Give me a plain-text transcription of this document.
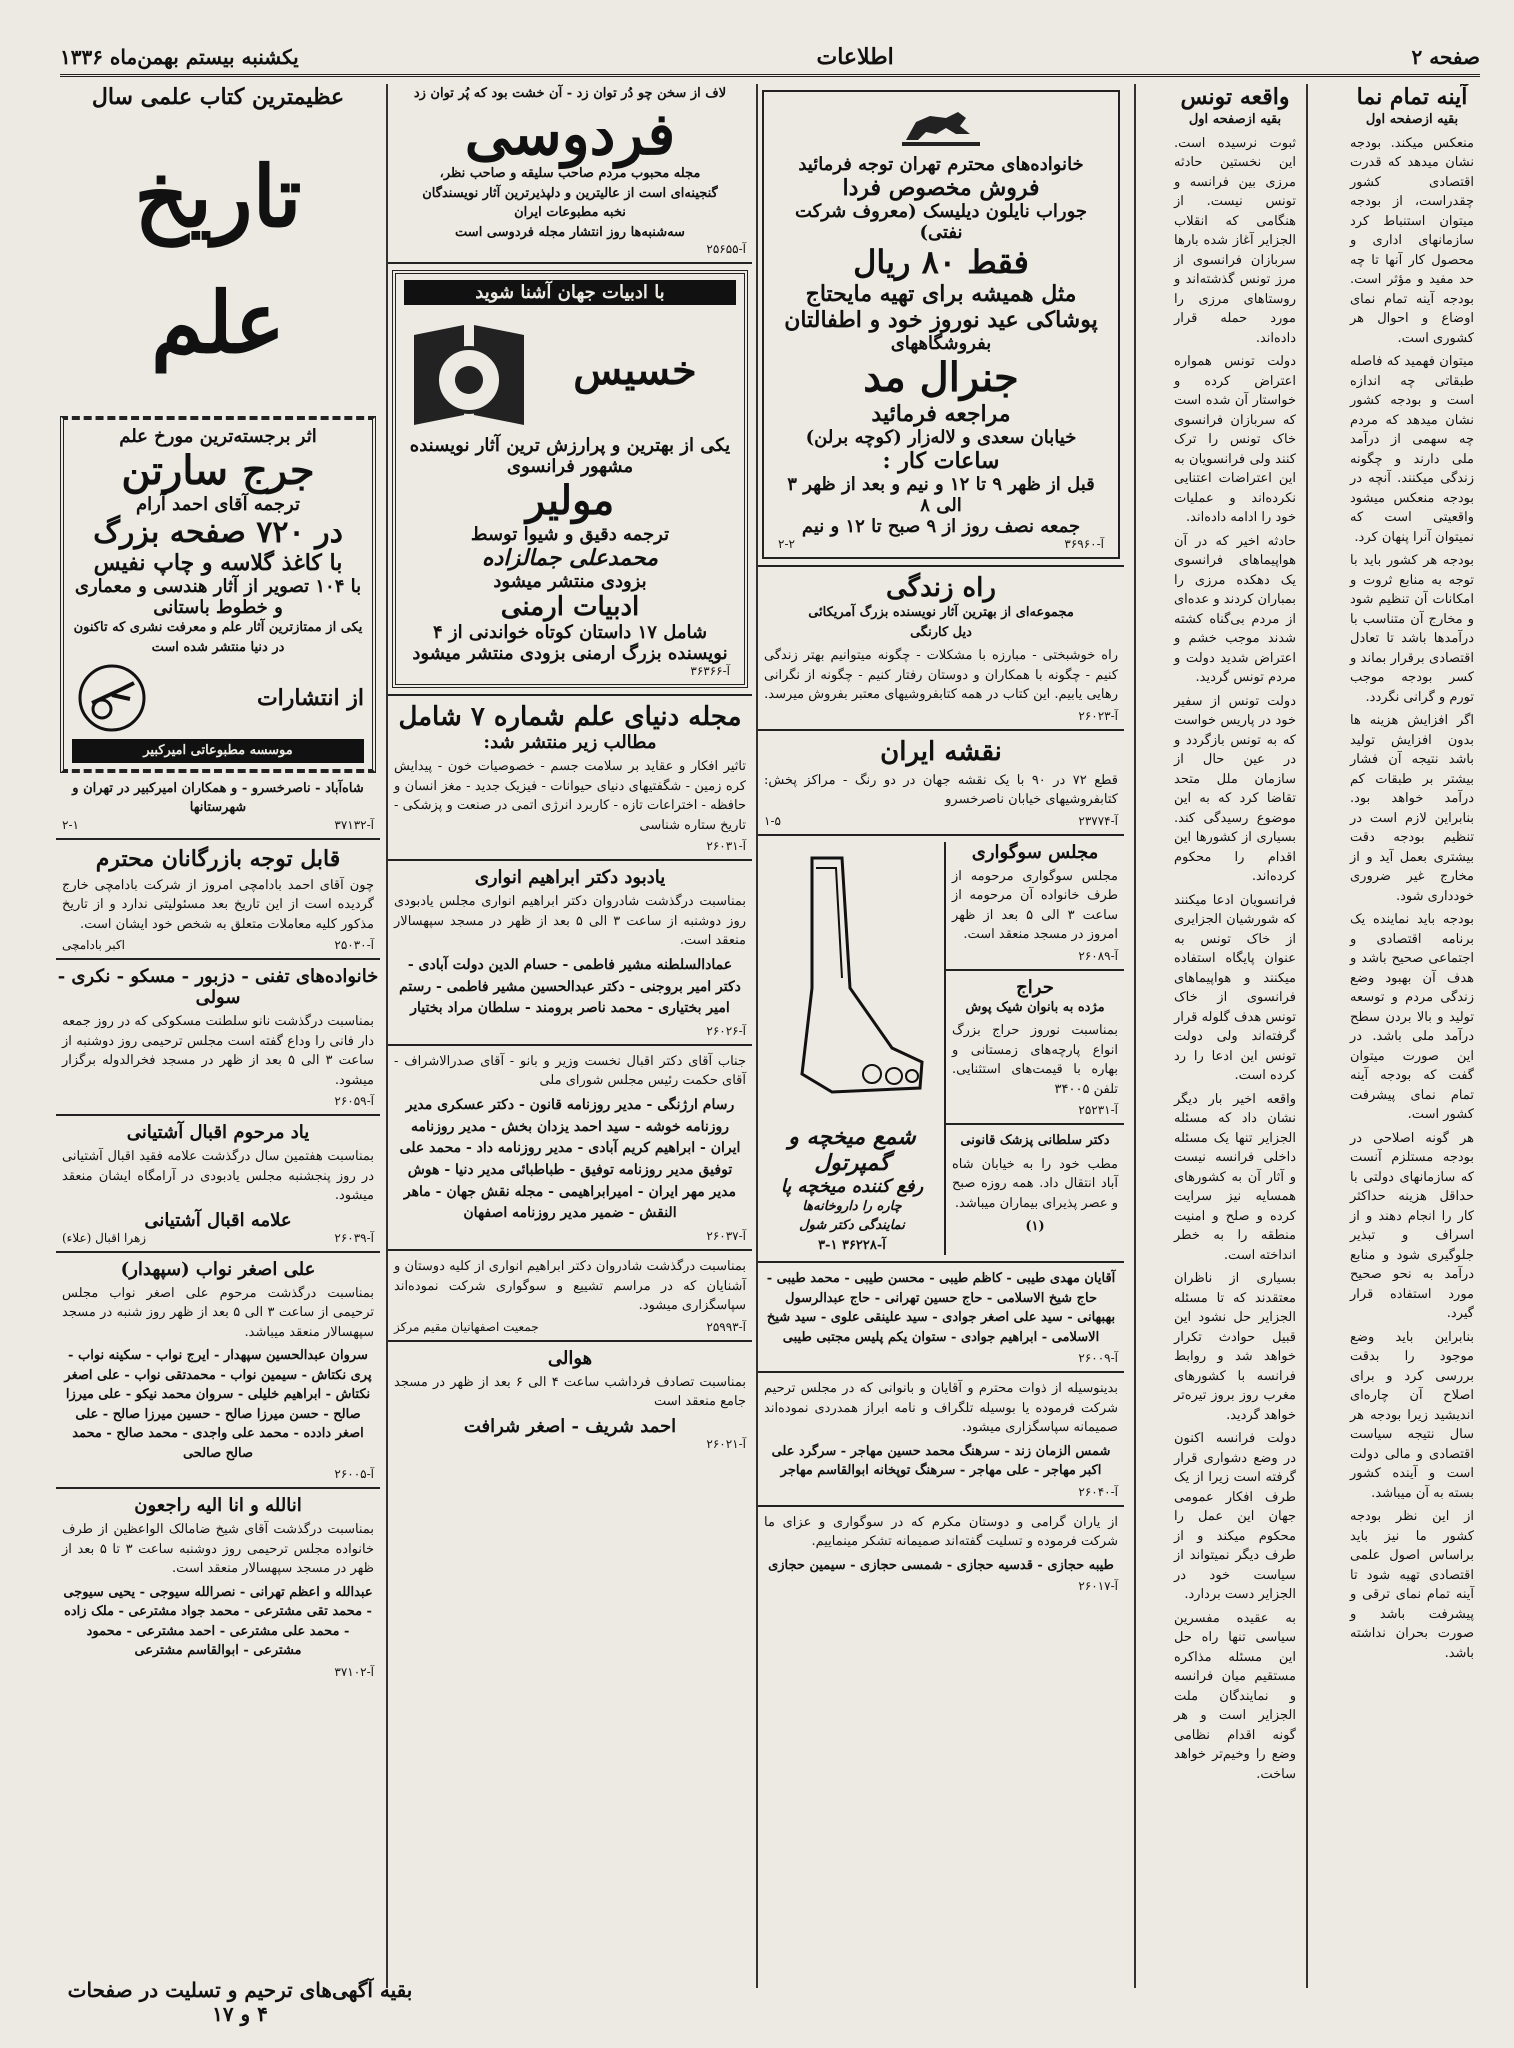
صفحه ۲
اطلاعات
یکشنبه بیستم بهمن‌ماه ۱۳۳۶
آینه تمام نما
بقیه ازصفحه اول

منعکس میکند. بودجه نشان میدهد که قدرت اقتصادی کشور چقدراست، از بودجه میتوان استنباط کرد سازمانهای اداری و محصول کار آنها تا چه حد مفید و مؤثر است. بودجه آینه تمام نمای اوضاع و احوال هر کشوری است.

میتوان فهمید که فاصله طبقاتی چه اندازه است و بودجه کشور نشان میدهد که مردم چه سهمی از درآمد ملی دارند و چگونه زندگی میکنند. آنچه در بودجه منعکس میشود واقعیتی است که نمیتوان آنرا پنهان کرد.

بودجه هر کشور باید با توجه به منابع ثروت و امکانات آن تنظیم شود و مخارج آن متناسب با درآمدها باشد تا تعادل اقتصادی برقرار بماند و کسر بودجه موجب تورم و گرانی نگردد.

اگر افزایش هزینه ها بدون افزایش تولید باشد نتیجه آن فشار بیشتر بر طبقات کم درآمد خواهد بود. بنابراین لازم است در تنظیم بودجه دقت بیشتری بعمل آید و از مخارج غیر ضروری خودداری شود.

بودجه باید نماینده یک برنامه اقتصادی و اجتماعی صحیح باشد و هدف آن بهبود وضع زندگی مردم و توسعه تولید و بالا بردن سطح درآمد ملی باشد. در این صورت میتوان گفت که بودجه آینه تمام نمای پیشرفت کشور است.

هر گونه اصلاحی در بودجه مستلزم آنست که سازمانهای دولتی با حداقل هزینه حداکثر کار را انجام دهند و از اسراف و تبذیر جلوگیری شود و منابع درآمد به نحو صحیح مورد استفاده قرار گیرد.

بنابراین باید وضع موجود را بدقت بررسی کرد و برای اصلاح آن چاره‌ای اندیشید زیرا بودجه هر سال نتیجه سیاست اقتصادی و مالی دولت است و آینده کشور بسته به آن میباشد.

از این نظر بودجه کشور ما نیز باید براساس اصول علمی اقتصادی تهیه شود تا آینه تمام نمای ترقی و پیشرفت باشد و صورت بحران نداشته باشد.

واقعه تونس
بقیه ازصفحه اول

ثبوت نرسیده است. این نخستین حادثه مرزی بین فرانسه و تونس نیست. از هنگامی که انقلاب الجزایر آغاز شده بارها سربازان فرانسوی از مرز تونس گذشته‌اند و روستاهای مرزی را مورد حمله قرار داده‌اند.

دولت تونس همواره اعتراض کرده و خواستار آن شده است که سربازان فرانسوی خاک تونس را ترک کنند ولی فرانسویان به این اعتراضات اعتنایی نکرده‌اند و عملیات خود را ادامه داده‌اند.

حادثه اخیر که در آن هواپیماهای فرانسوی یک دهکده مرزی را بمباران کردند و عده‌ای از مردم بی‌گناه کشته شدند موجب خشم و اعتراض شدید دولت و مردم تونس گردید.

دولت تونس از سفیر خود در پاریس خواست که به تونس بازگردد و در عین حال از سازمان ملل متحد تقاضا کرد که به این موضوع رسیدگی کند. بسیاری از کشورها این اقدام را محکوم کرده‌اند.

فرانسویان ادعا میکنند که شورشیان الجزایری از خاک تونس به عنوان پایگاه استفاده میکنند و هواپیماهای فرانسوی از خاک تونس هدف گلوله قرار گرفته‌اند ولی دولت تونس این ادعا را رد کرده است.

واقعه اخیر بار دیگر نشان داد که مسئله الجزایر تنها یک مسئله داخلی فرانسه نیست و آثار آن به کشورهای همسایه نیز سرایت کرده و صلح و امنیت منطقه را به خطر انداخته است.

بسیاری از ناظران معتقدند که تا مسئله الجزایر حل نشود این قبیل حوادث تکرار خواهد شد و روابط فرانسه با کشورهای مغرب روز بروز تیره‌تر خواهد گردید.

دولت فرانسه اکنون در وضع دشواری قرار گرفته است زیرا از یک طرف افکار عمومی جهان این عمل را محکوم میکند و از طرف دیگر نمیتواند از سیاست خود در الجزایر دست بردارد.

به عقیده مفسرین سیاسی تنها راه حل این مسئله مذاکره مستقیم میان فرانسه و نمایندگان ملت الجزایر است و هر گونه اقدام نظامی وضع را وخیم‌تر خواهد ساخت.

خانواده‌های محترم تهران توجه فرمائید
فروش مخصوص فردا
جوراب نایلون دیلیسک (معروف شرکت نفتی)
فقط ۸۰ ریال
مثل همیشه برای تهیه مایحتاج
پوشاکی عید نوروز خود و اطفالتان
بفروشگاههای
جنرال مد
مراجعه فرمائید
خیابان سعدی و لاله‌زار (کوچه برلن)
ساعات کار :
قبل از ظهر ۹ تا ۱۲ و نیم و بعد از ظهر ۳ الی ۸
جمعه نصف روز از ۹ صبح تا ۱۲ و نیم
۲-۲	آ-۳۶۹۶۰
راه زندگی
مجموعه‌ای از بهترین آثار نویسنده بزرگ آمریکائی
دیل کارنگی

راه خوشبختی - مبارزه با مشکلات - چگونه میتوانیم بهتر زندگی کنیم - چگونه با همکاران و دوستان رفتار کنیم - چگونه از نگرانی رهایی یابیم. این کتاب در همه کتابفروشیهای معتبر بفروش میرسد.

آ-۲۶۰۲۳
نقشه ایران

قطع ۷۲ در ۹۰ با یک نقشه جهان در دو رنگ - مراکز پخش: کتابفروشیهای خیابان ناصرخسرو

۱-۵	آ-۲۳۷۷۴
مجلس سوگواری

مجلس سوگواری مرحومه از طرف خانواده آن مرحومه از ساعت ۳ الی ۵ بعد از ظهر امروز در مسجد منعقد است.

آ-۲۶۰۸۹
حراج
مژده به بانوان شیک پوش

بمناسبت نوروز حراج بزرگ انواع پارچه‌های زمستانی و بهاره با قیمت‌های استثنایی. تلفن ۳۴۰۰۵

آ-۲۵۲۳۱
دکتر سلطانی پزشک قانونی

مطب خود را به خیابان شاه آباد انتقال داد. همه روزه صبح و عصر پذیرای بیماران میباشد.

(۱)
شمع میخچه و گمپرتول
رفع کننده میخچه پا
چاره را داروخانه‌ها
نمایندگی دکتر شول
۳-۱ آ-۳۶۲۲۸

آقایان مهدی طیبی - کاظم طیبی - محسن طیبی - محمد طیبی - حاج شیخ الاسلامی - حاج حسین تهرانی - حاج عبدالرسول بهبهانی - سید علی اصغر جوادی - سید علینقی علوی - سید شیخ الاسلامی - ابراهیم جوادی - ستوان یکم پلیس مجتبی طیبی

آ-۲۶۰۰۹

بدینوسیله از ذوات محترم و آقایان و بانوانی که در مجلس ترحیم شرکت فرموده یا بوسیله تلگراف و نامه ابراز همدردی نموده‌اند صمیمانه سپاسگزاری میشود.

شمس الزمان زند - سرهنگ محمد حسین مهاجر - سرگرد علی اکبر مهاجر - علی مهاجر - سرهنگ توپخانه ابوالقاسم مهاجر

آ-۲۶۰۴۰

از یاران گرامی و دوستان مکرم که در سوگواری و عزای ما شرکت فرموده و تسلیت گفته‌اند صمیمانه تشکر مینماییم.

طیبه حجازی - قدسیه حجازی - شمسی حجازی - سیمین حجازی

آ-۲۶۰۱۷
لاف از سخن چو دُر توان زد - آن خشت بود که پُر توان زد
فردوسی
مجله محبوب مردم صاحب سلیقه و صاحب نظر،
گنجینه‌ای است از عالیترین و دلپذیرترین آثار نویسندگان
نخبه مطبوعات ایران
سه‌شنبه‌ها روز انتشار مجله فردوسی است
آ-۲۵۶۵۵
با ادبیات جهان آشنا شوید
خسیس
یکی از بهترین و پرارزش ترین آثار نویسنده مشهور فرانسوی
مولیر
ترجمه دقیق و شیوا توسط
محمدعلی جمالزاده
بزودی منتشر میشود
ادبیات ارمنی
شامل ۱۷ داستان کوتاه خواندنی از ۴ نویسنده بزرگ ارمنی بزودی منتشر میشود
آ-۳۶۳۶۶
مجله دنیای علم شماره ۷ شامل
مطالب زیر منتشر شد:

تاثیر افکار و عقاید بر سلامت جسم - خصوصیات خون - پیدایش کره زمین - شگفتیهای دنیای حیوانات - فیزیک جدید - مغز انسان و حافظه - اختراعات تازه - کاربرد انرژی اتمی در صنعت و پزشکی - تاریخ ستاره شناسی

آ-۲۶۰۳۱
یادبود دکتر ابراهیم انواری

بمناسبت درگذشت شادروان دکتر ابراهیم انواری مجلس یادبودی روز دوشنبه از ساعت ۳ الی ۵ بعد از ظهر در مسجد سپهسالار منعقد است.

عمادالسلطنه مشیر فاطمی - حسام الدین دولت آبادی - دکتر امیر بروجنی - دکتر عبدالحسین مشیر فاطمی - رستم امیر بختیاری - محمد ناصر برومند - سلطان مراد بختیار

آ-۲۶۰۲۶

جناب آقای دکتر اقبال نخست وزیر و بانو - آقای صدرالاشراف - آقای حکمت رئیس مجلس شورای ملی

رسام ارژنگی - مدیر روزنامه قانون - دکتر عسکری مدیر روزنامه خوشه - سید احمد یزدان بخش - مدیر روزنامه ایران - ابراهیم کریم آبادی - مدیر روزنامه داد - محمد علی توفیق مدیر روزنامه توفیق - طباطبائی مدیر دنیا - هوش مدیر مهر ایران - امیرابراهیمی - مجله نقش جهان - ماهر النقش - ضمیر مدیر روزنامه اصفهان

آ-۲۶۰۳۷

بمناسبت درگذشت شادروان دکتر ابراهیم انواری از کلیه دوستان و آشنایان که در مراسم تشییع و سوگواری شرکت نموده‌اند سپاسگزاری میشود.

جمعیت اصفهانیان مقیم مرکز	آ-۲۵۹۹۳
هوالی

بمناسبت تصادف فرداشب ساعت ۴ الی ۶ بعد از ظهر در مسجد جامع منعقد است

احمد شریف - اصغر شرافت
آ-۲۶۰۲۱
عظیمترین کتاب علمی سال
تاریخ علم
اثر برجسته‌ترین مورخ علم
جرج سارتن
ترجمه آقای احمد آرام
در ۷۲۰ صفحه بزرگ
با کاغذ گلاسه و چاپ نفیس
با ۱۰۴ تصویر از آثار هندسی و معماری و خطوط باستانی
یکی از ممتازترین آثار علم و معرفت نشری که تاکنون در دنیا منتشر شده است
از انتشارات
موسسه مطبوعاتی امیرکبیر
شاه‌آباد - ناصرخسرو - و همکاران امیرکبیر در تهران و شهرستانها
۲-۱	آ-۳۷۱۳۲
قابل توجه بازرگانان محترم

چون آقای احمد بادامچی امروز از شرکت بادامچی خارج گردیده است از این تاریخ بعد مسئولیتی ندارد و از تاریخ مذکور کلیه معاملات متعلق به شخص خود ایشان است.

اکبر بادامچی	آ-۲۵۰۳۰
خانواده‌های تفنی - دزبور - مسکو - نکری - سولی

بمناسبت درگذشت نانو سلطنت مسکوکی که در روز جمعه دار فانی را وداع گفته است مجلس ترحیمی روز دوشنبه از ساعت ۳ الی ۵ بعد از ظهر در مسجد فخرالدوله برگزار میشود.

آ-۲۶۰۵۹
یاد مرحوم اقبال آشتیانی

بمناسبت هفتمین سال درگذشت علامه فقید اقبال آشتیانی در روز پنجشنبه مجلس یادبودی در آرامگاه ایشان منعقد میشود.

علامه اقبال آشتیانی
زهرا اقبال (علاء)	آ-۲۶۰۳۹
علی اصغر نواب (سپهدار)

بمناسبت درگذشت مرحوم علی اصغر نواب مجلس ترحیمی از ساعت ۳ الی ۵ بعد از ظهر روز شنبه در مسجد سپهسالار منعقد میباشد.

سروان عبدالحسین سپهدار - ایرج نواب - سکینه نواب - پری نکتاش - سیمین نواب - محمدتقی نواب - علی اصغر نکتاش - ابراهیم خلیلی - سروان محمد نیکو - علی میرزا صالح - حسن میرزا صالح - حسین میرزا صالح - علی اصغر دادده - محمد علی واجدی - محمد صالح - محمد صالح صالحی

آ-۲۶۰۰۵
انالله و انا الیه راجعون

بمناسبت درگذشت آقای شیخ ضامالک الواعظین از طرف خانواده مجلس ترحیمی روز دوشنبه ساعت ۳ تا ۵ بعد از ظهر در مسجد سپهسالار منعقد است.

عبدالله و اعظم تهرانی - نصرالله سیوجی - یحیی سیوجی - محمد تقی مشترعی - محمد جواد مشترعی - ملک زاده - محمد علی مشترعی - احمد مشترعی - محمود مشترعی - ابوالقاسم مشترعی

آ-۳۷۱۰۲
بقیه آگهی‌های ترحیم و تسلیت در صفحات ۴ و ۱۷
